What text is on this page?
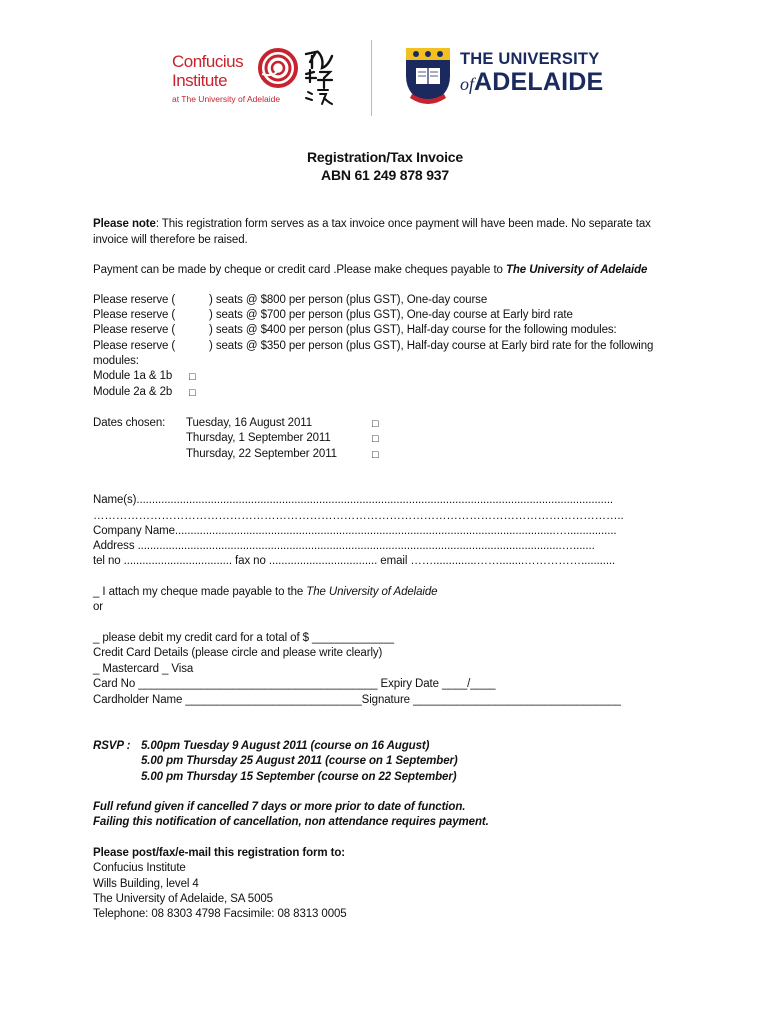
Confucius
Institute
at The University of Adelaide
THE UNIVERSITY
ofADELAIDE
Registration/Tax Invoice
ABN 61 249 878 937
Please note: This registration form serves as a tax invoice once payment will have been made. No separate tax
invoice will therefore be raised.
Payment can be made by cheque or credit card .Please make cheques payable to The University of Adelaide
Please reserve (	) seats @ $800 per person (plus GST), One-day course
Please reserve (	) seats @ $700 per person (plus GST), One-day course at Early bird rate
Please reserve (	) seats @ $400 per person (plus GST), Half-day course for the following modules:
Please reserve (	) seats @ $350 per person (plus GST), Half-day course at Early bird rate for the following
modules:
Module 1a & 1b □
Module 2a & 2b □
Dates chosen: Tuesday, 16 August 2011	□
Thursday, 1 September 2011	□
Thursday, 22 September 2011	□
Name(s)..........................................................................................................................................................
…………………………………………………………………………………………………………………………..
Company Name...........................................................................................................................…................
Address .........................................................................................................................................….......
tel no ................................... fax no ................................... email ……..............……........……………...........
_ I attach my cheque made payable to the The University of Adelaide
or
_ please debit my credit card for a total of $ _____________
Credit Card Details (please circle and please write clearly)
_ Mastercard _ Visa
Card No ______________________________________ Expiry Date ____/____
Cardholder Name ____________________________Signature _________________________________
RSVP : 5.00pm Tuesday 9 August 2011 (course on 16 August)
5.00 pm Thursday 25 August 2011 (course on 1 September)
5.00 pm Thursday 15 September (course on 22 September)
Full refund given if cancelled 7 days or more prior to date of function.
Failing this notification of cancellation, non attendance requires payment.
Please post/fax/e-mail this registration form to:
Confucius Institute
Wills Building, level 4
The University of Adelaide, SA 5005
Telephone: 08 8303 4798 Facsimile: 08 8313 0005
